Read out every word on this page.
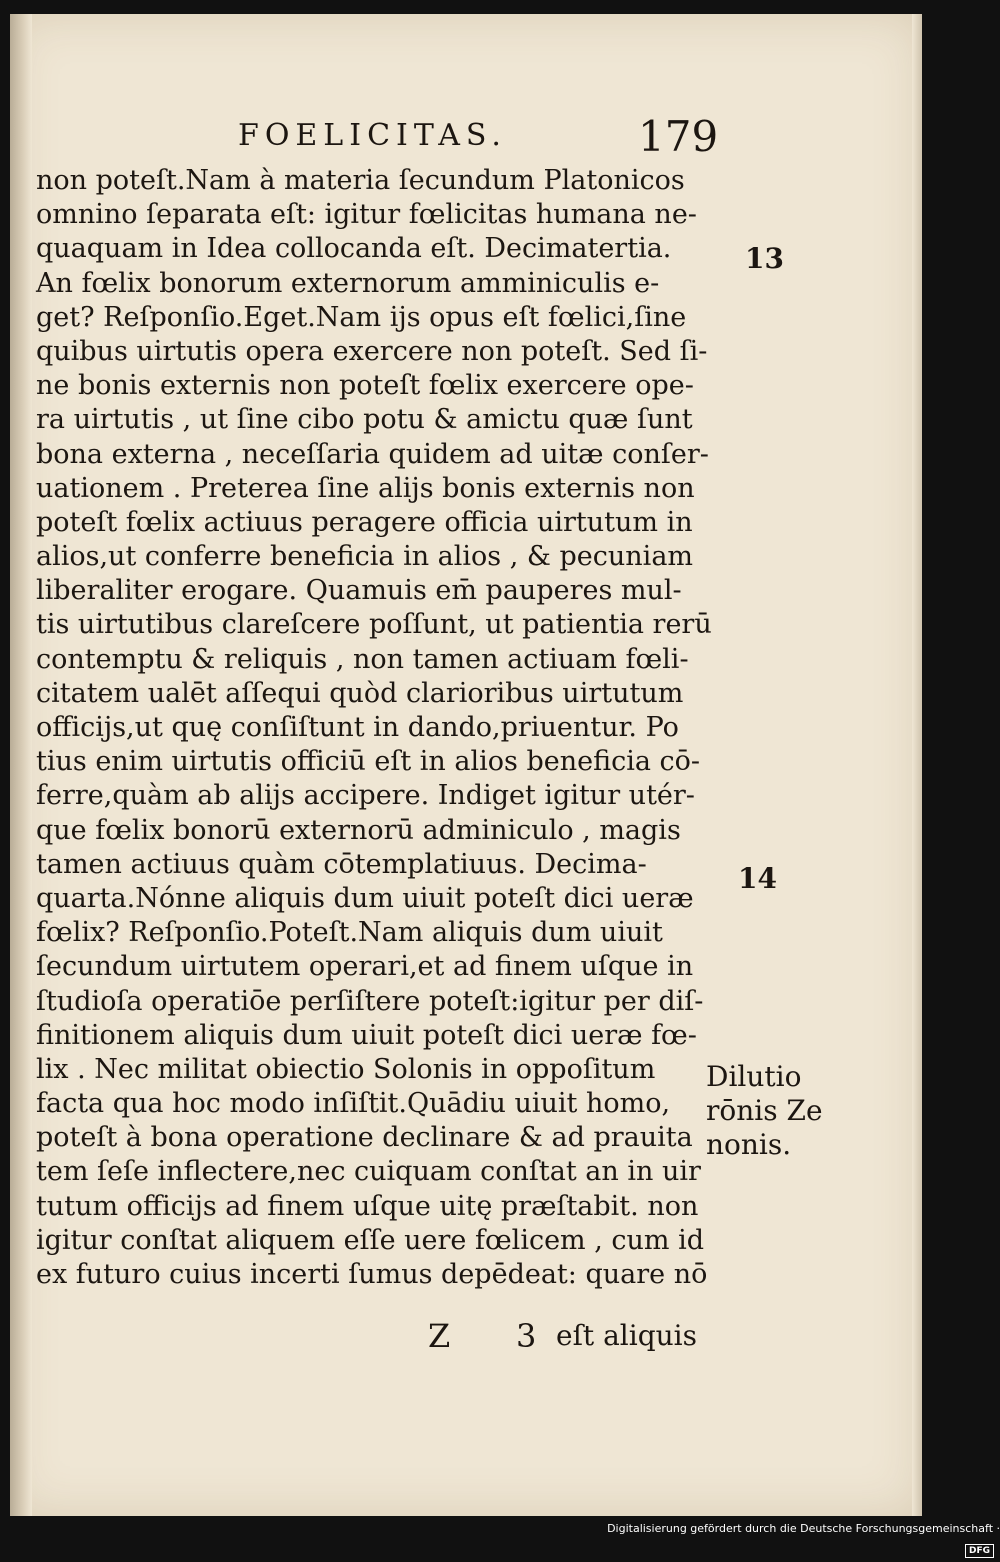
FOELICITAS.	179
non poteſt.Nam à materia ſecundum Platonicos
omnino ſeparata eſt: igitur fœlicitas humana ne-
quaquam in Idea collocanda eſt. Decimatertia.
An fœlix bonorum externorum amminiculis e-
get? Reſponſio.Eget.Nam ijs opus eſt fœlici,ſine
quibus uirtutis opera exercere non poteſt. Sed ſi-
ne bonis externis non poteſt fœlix exercere ope-
ra uirtutis , ut ſine cibo potu & amictu quæ ſunt
bona externa , neceſſaria quidem ad uitæ conſer-
uationem . Preterea ſine alijs bonis externis non
poteſt fœlix actiuus peragere officia uirtutum in
alios,ut conferre beneficia in alios , & pecuniam
liberaliter erogare. Quamuis em̄ pauperes mul-
tis uirtutibus clareſcere poſſunt, ut patientia rerū
contemptu & reliquis , non tamen actiuam fœli-
citatem ualēt aſſequi quòd clarioribus uirtutum
officijs,ut quę conſiſtunt in dando,priuentur. Po
tius enim uirtutis officiū eſt in alios beneficia cō-
ferre,quàm ab alijs accipere. Indiget igitur utér-
que fœlix bonorū externorū adminiculo , magis
tamen actiuus quàm cōtemplatiuus. Decima-
quarta.Nónne aliquis dum uiuit poteſt dici ueræ
fœlix? Reſponſio.Poteſt.Nam aliquis dum uiuit
ſecundum uirtutem operari,et ad finem uſque in
ſtudioſa operatiōe perſiſtere poteſt:igitur per diſ-
finitionem aliquis dum uiuit poteſt dici ueræ fœ-
lix . Nec militat obiectio Solonis in oppoſitum
facta qua hoc modo inſiſtit.Quādiu uiuit homo,
poteſt à bona operatione declinare & ad prauita
tem ſeſe inflectere,nec cuiquam conſtat an in uir
tutum officijs ad finem uſque uitę præſtabit. non
igitur conſtat aliquem eſſe uere fœlicem , cum id
ex futuro cuius incerti ſumus depēdeat: quare nō
13
14
Dilutio
rōnis Ze
nonis.
Z 3 eſt aliquis
Digitalisierung gefördert durch die Deutsche Forschungsgemeinschaft ·DFG
